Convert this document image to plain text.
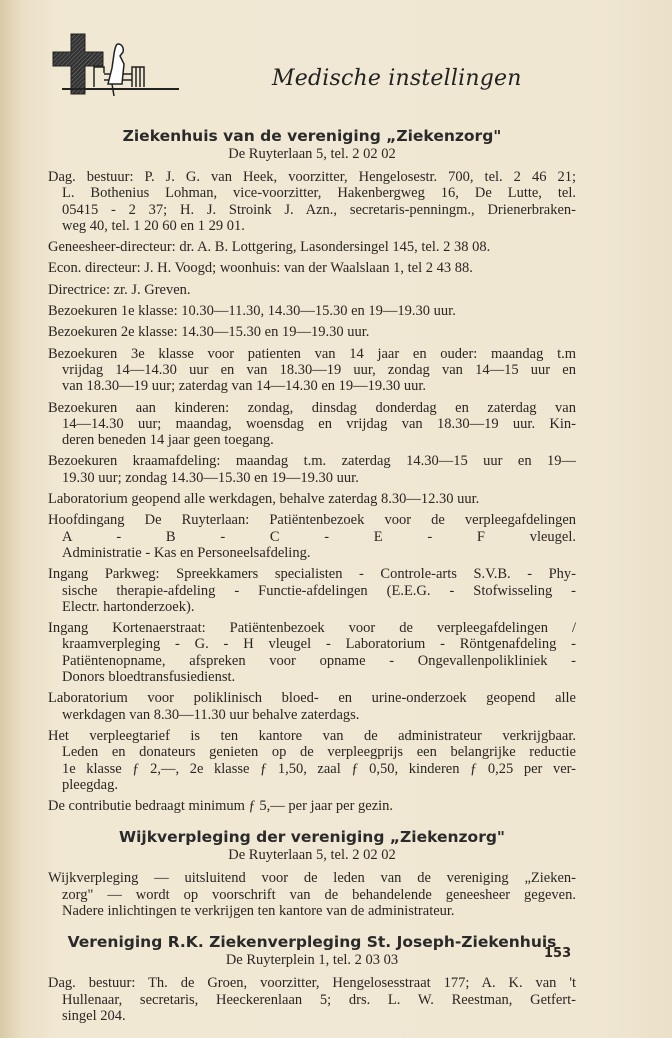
Medische instellingen
Ziekenhuis van de vereniging „Ziekenzorg"
De Ruyterlaan 5, tel. 2 02 02
Dag. bestuur: P. J. G. van Heek, voorzitter, Hengelosestr. 700, tel. 2 46 21;
L. Bothenius Lohman, vice-voorzitter, Hakenbergweg 16, De Lutte, tel.
05415 - 2 37; H. J. Stroink J. Azn., secretaris-penningm., Drienerbraken-
weg 40, tel. 1 20 60 en 1 29 01.
Geneesheer-directeur: dr. A. B. Lottgering, Lasondersingel 145, tel. 2 38 08.
Econ. directeur: J. H. Voogd; woonhuis: van der Waalslaan 1, tel 2 43 88.
Directrice: zr. J. Greven.
Bezoekuren 1e klasse: 10.30—11.30, 14.30—15.30 en 19—19.30 uur.
Bezoekuren 2e klasse: 14.30—15.30 en 19—19.30 uur.
Bezoekuren 3e klasse voor patienten van 14 jaar en ouder: maandag t.m
vrijdag 14—14.30 uur en van 18.30—19 uur, zondag van 14—15 uur en
van 18.30—19 uur; zaterdag van 14—14.30 en 19—19.30 uur.
Bezoekuren aan kinderen: zondag, dinsdag donderdag en zaterdag van
14—14.30 uur; maandag, woensdag en vrijdag van 18.30—19 uur. Kin-
deren beneden 14 jaar geen toegang.
Bezoekuren kraamafdeling: maandag t.m. zaterdag 14.30—15 uur en 19—
19.30 uur; zondag 14.30—15.30 en 19—19.30 uur.
Laboratorium geopend alle werkdagen, behalve zaterdag 8.30—12.30 uur.
Hoofdingang De Ruyterlaan: Patiëntenbezoek voor de verpleegafdelingen
A - B - C - E - F vleugel.
Administratie - Kas en Personeelsafdeling.
Ingang Parkweg: Spreekkamers specialisten - Controle-arts S.V.B. - Phy-
sische therapie-afdeling - Functie-afdelingen (E.E.G. - Stofwisseling -
Electr. hartonderzoek).
Ingang Kortenaerstraat: Patiëntenbezoek voor de verpleegafdelingen /
kraamverpleging - G. - H vleugel - Laboratorium - Röntgenafdeling -
Patiëntenopname, afspreken voor opname - Ongevallenpolikliniek -
Donors bloedtransfusiedienst.
Laboratorium voor poliklinisch bloed- en urine-onderzoek geopend alle
werkdagen van 8.30—11.30 uur behalve zaterdags.
Het verpleegtarief is ten kantore van de administrateur verkrijgbaar.
Leden en donateurs genieten op de verpleegprijs een belangrijke reductie
1e klasse ƒ 2,—, 2e klasse ƒ 1,50, zaal ƒ 0,50, kinderen ƒ 0,25 per ver-
pleegdag.
De contributie bedraagt minimum ƒ 5,— per jaar per gezin.
Wijkverpleging der vereniging „Ziekenzorg"
De Ruyterlaan 5, tel. 2 02 02
Wijkverpleging — uitsluitend voor de leden van de vereniging „Zieken-
zorg" — wordt op voorschrift van de behandelende geneesheer gegeven.
Nadere inlichtingen te verkrijgen ten kantore van de administrateur.
Vereniging R.K. Ziekenverpleging St. Joseph-Ziekenhuis
De Ruyterplein 1, tel. 2 03 03
Dag. bestuur: Th. de Groen, voorzitter, Hengelosesstraat 177; A. K. van 't
Hullenaar, secretaris, Heeckerenlaan 5; drs. L. W. Reestman, Getfert-
singel 204.
153
